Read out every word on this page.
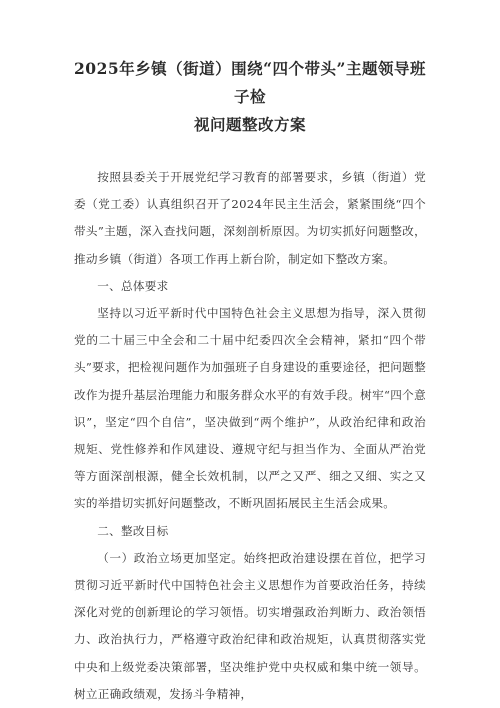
2025年乡镇（街道）围绕“四个带头”主题领导班子检
视问题整改方案

按照县委关于开展党纪学习教育的部署要求，乡镇（街道）党委（党工委）认真组织召开了2024年民主生活会，紧紧围绕“四个带头”主题，深入查找问题，深刻剖析原因。为切实抓好问题整改，推动乡镇（街道）各项工作再上新台阶，制定如下整改方案。

一、总体要求

坚持以习近平新时代中国特色社会主义思想为指导，深入贯彻党的二十届三中全会和二十届中纪委四次全会精神，紧扣“四个带头”要求，把检视问题作为加强班子自身建设的重要途径，把问题整改作为提升基层治理能力和服务群众水平的有效手段。树牢“四个意识”，坚定“四个自信”，坚决做到“两个维护”，从政治纪律和政治规矩、党性修养和作风建设、遵规守纪与担当作为、全面从严治党等方面深剖根源，健全长效机制，以严之又严、细之又细、实之又实的举措切实抓好问题整改，不断巩固拓展民主生活会成果。

二、整改目标

（一）政治立场更加坚定。始终把政治建设摆在首位，把学习贯彻习近平新时代中国特色社会主义思想作为首要政治任务，持续深化对党的创新理论的学习领悟。切实增强政治判断力、政治领悟力、政治执行力，严格遵守政治纪律和政治规矩，认真贯彻落实党中央和上级党委决策部署，坚决维护党中央权威和集中统一领导。树立正确政绩观，发扬斗争精神，
